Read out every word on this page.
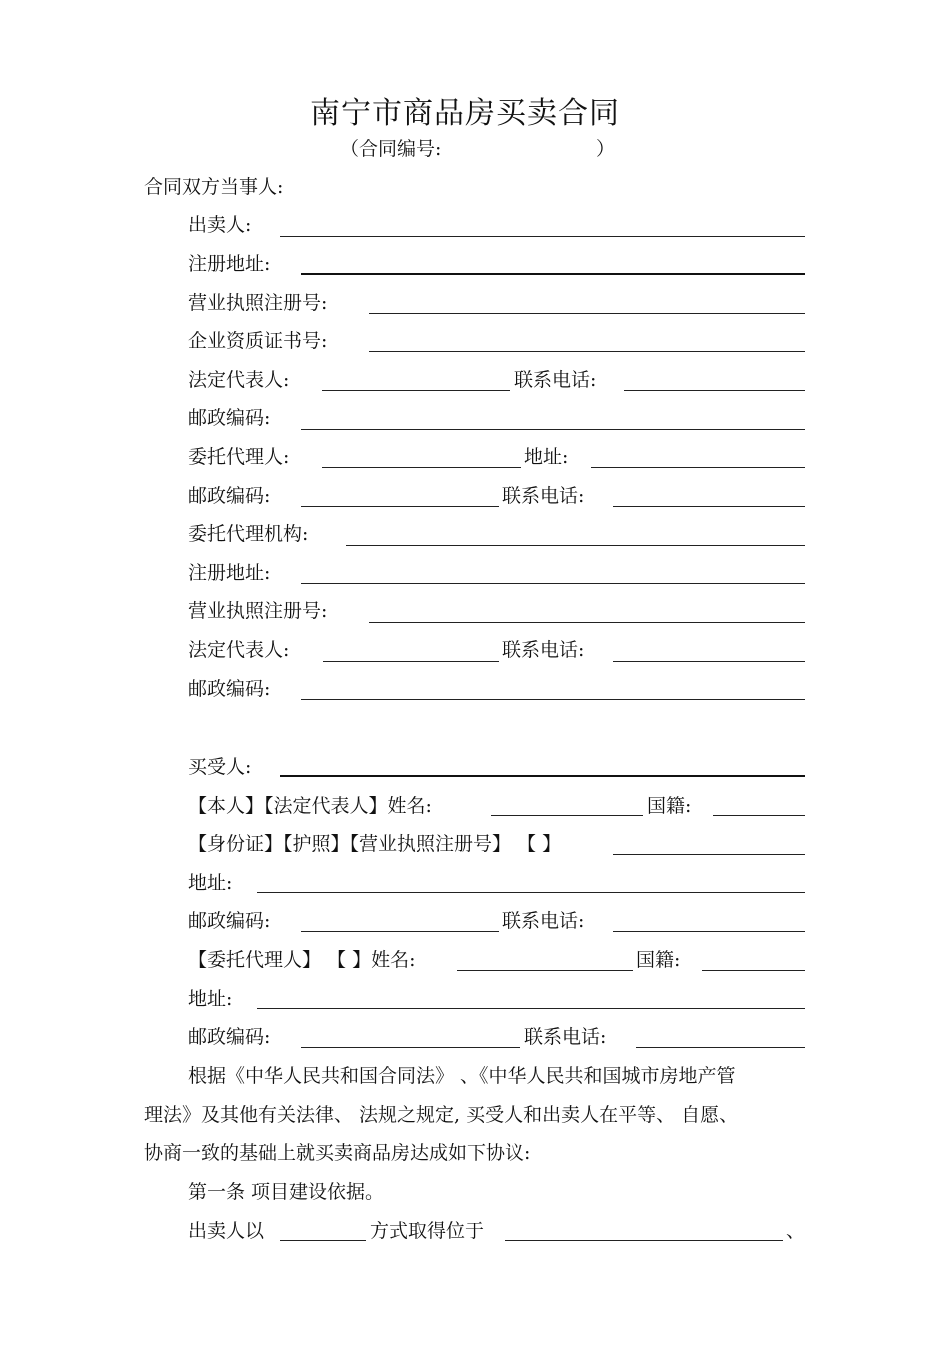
南宁市商品房买卖合同
（合同编号:	）
合同双方当事人:
出卖人:
注册地址:
营业执照注册号:
企业资质证书号:
法定代表人:	联系电话:
邮政编码:
委托代理人:	地址:
邮政编码:	联系电话:
委托代理机构:
注册地址:
营业执照注册号:
法定代表人:	联系电话:
邮政编码:
买受人:
【本人】【法定代表人】姓名:	国籍:
【身份证】【护照】【营业执照注册号】 【 】
地址:
邮政编码:	联系电话:
【委托代理人】 【 】姓名:	国籍:
地址:
邮政编码:	联系电话:
根据《中华人民共和国合同法》 、《中华人民共和国城市房地产管
理法》及其他有关法律、 法规之规定, 买受人和出卖人在平等、 自愿、
协商一致的基础上就买卖商品房达成如下协议:
第一条 项目建设依据。
出卖人以	方式取得位于	、
